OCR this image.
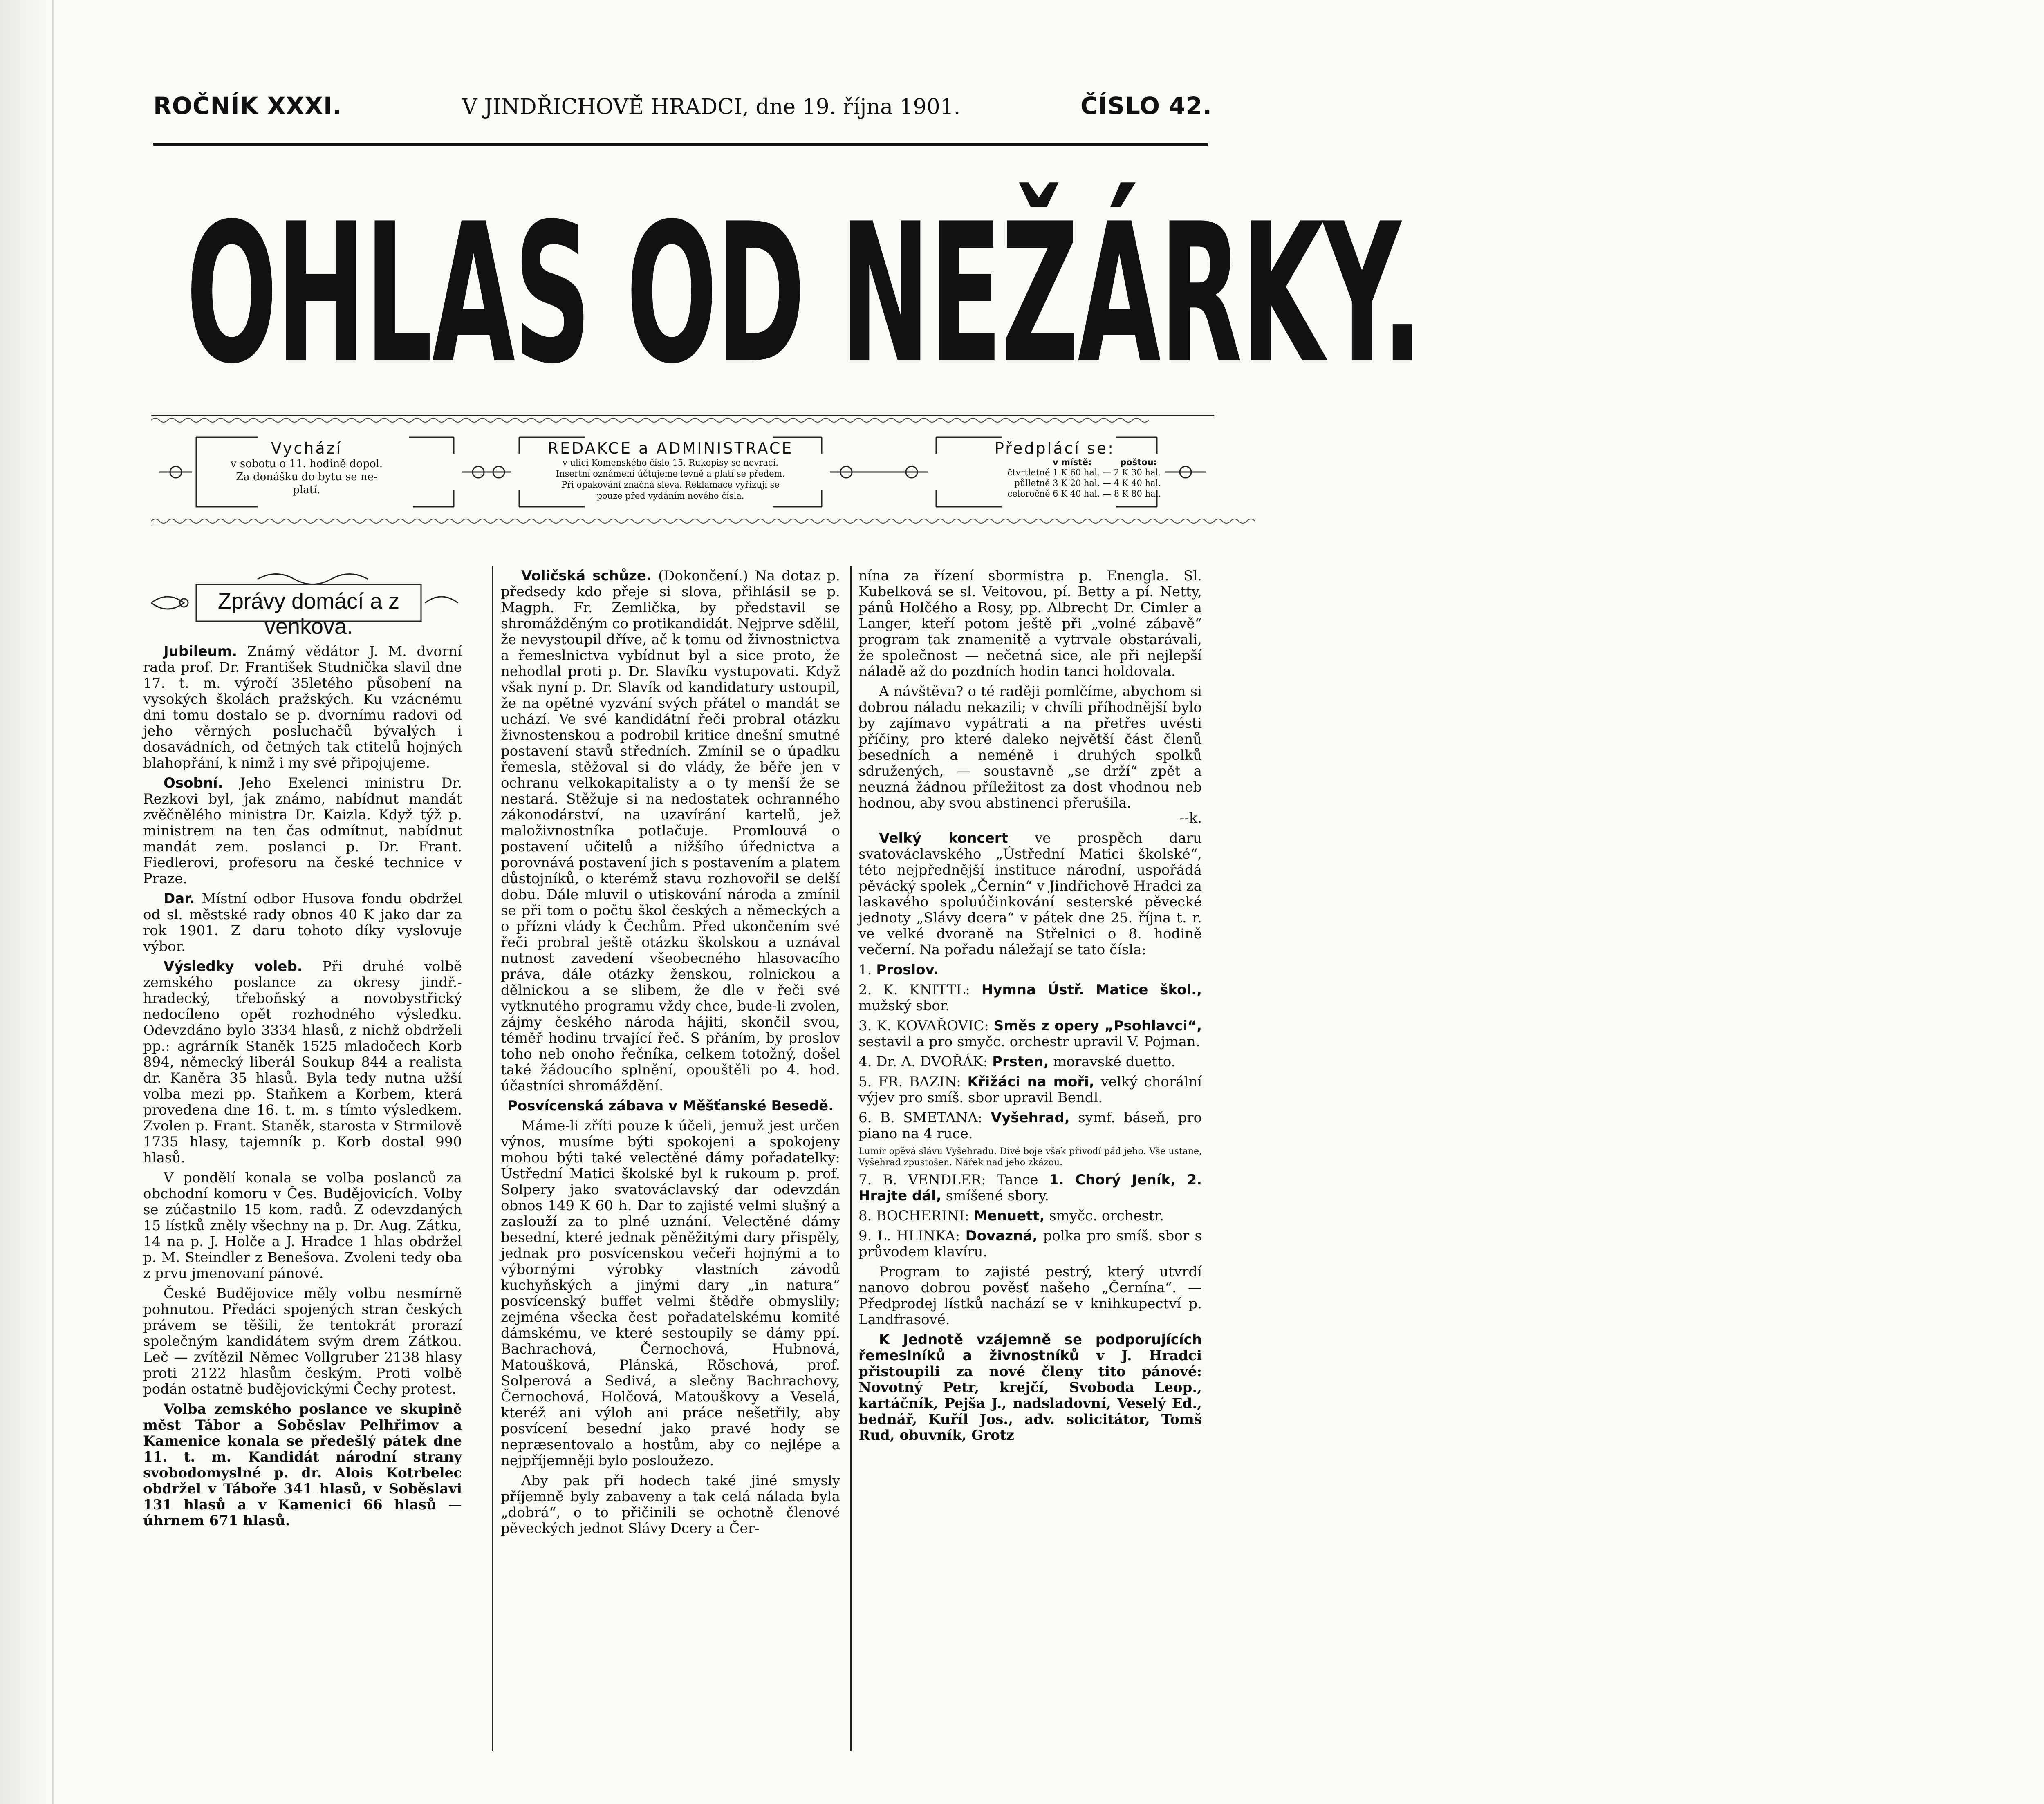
ROČNÍK XXXI.	V JINDŘICHOVĚ HRADCI, dne 19. října 1901.	ČÍSLO 42.
OHLAS OD NEŽÁRKY.
Vychází
v sobotu o 11. hodině dopol.
Za donášku do bytu se ne-
platí.
REDAKCE a ADMINISTRACE
v ulici Komenského číslo 15. Rukopisy se nevrací.
Insertní oznámení účtujeme levně a platí se předem.
Při opakování značná sleva. Reklamace vyřizují se
pouze před vydáním nového čísla.
Předplácí se:
v místě:	poštou:
čtvrtletně 1 K 60 hal. — 2 K 30 hal.
půlletně 3 K 20 hal. — 4 K 40 hal.
celoročně 6 K 40 hal. — 8 K 80 hal.
Zprávy domácí a z venkova.

Jubileum. Známý vědátor J. M. dvorní rada prof. Dr. František Studnička slavil dne 17. t. m. výročí 35letého působení na vysokých školách pražských. Ku vzácnému dni tomu dostalo se p. dvornímu radovi od jeho věrných posluchačů bývalých i dosavádních, od četných tak ctitelů hojných blahopřání, k nimž i my své připojujeme.

Osobní. Jeho Exelenci ministru Dr. Rezkovi byl, jak známo, nabídnut mandát zvěčnělého ministra Dr. Kaizla. Když týž p. ministrem na ten čas odmítnut, nabídnut mandát zem. poslanci p. Dr. Frant. Fiedlerovi, profesoru na české technice v Praze.

Dar. Místní odbor Husova fondu obdržel od sl. městské rady obnos 40 K jako dar za rok 1901. Z daru tohoto díky vyslovuje výbor.

Výsledky voleb. Při druhé volbě zemského poslance za okresy jindř.-hradecký, třeboňský a novobystřický nedocíleno opět rozhodného výsledku. Odevzdáno bylo 3334 hlasů, z nichž obdrželi pp.: agrárník Staněk 1525 mladočech Korb 894, německý liberál Soukup 844 a realista dr. Kaněra 35 hlasů. Byla tedy nutna užší volba mezi pp. Staňkem a Korbem, která provedena dne 16. t. m. s tímto výsledkem. Zvolen p. Frant. Staněk, starosta v Strmilově 1735 hlasy, tajemník p. Korb dostal 990 hlasů.

V pondělí konala se volba poslanců za obchodní komoru v Čes. Budějovicích. Volby se zúčastnilo 15 kom. radů. Z odevzdaných 15 lístků zněly všechny na p. Dr. Aug. Zátku, 14 na p. J. Holče a J. Hradce 1 hlas obdržel p. M. Steindler z Benešova. Zvoleni tedy oba z prvu jmenovaní pánové.

České Budějovice měly volbu nesmírně pohnutou. Předáci spojených stran českých právem se těšili, že tentokrát prorazí společným kandidátem svým drem Zátkou. Leč — zvítězil Němec Vollgruber 2138 hlasy proti 2122 hlasům českým. Proti volbě podán ostatně budějovickými Čechy protest.

Volba zemského poslance ve skupině měst Tábor a Soběslav Pelhřimov a Kamenice konala se předešlý pátek dne 11. t. m. Kandidát národní strany svobodomyslné p. dr. Alois Kotrbelec obdržel v Táboře 341 hlasů, v Soběslavi 131 hlasů a v Kamenici 66 hlasů — úhrnem 671 hlasů.

Voličská schůze. (Dokončení.) Na dotaz p. předsedy kdo přeje si slova, přihlásil se p. Magph. Fr. Zemlička, by představil se shromážděným co protikandidát. Nejprve sdělil, že nevystoupil dříve, ač k tomu od živnostnictva a řemeslnictva vybídnut byl a sice proto, že nehodlal proti p. Dr. Slavíku vystupovati. Když však nyní p. Dr. Slavík od kandidatury ustoupil, že na opětné vyzvání svých přátel o mandát se uchází. Ve své kandidátní řeči probral otázku živnostenskou a podrobil kritice dnešní smutné postavení stavů středních. Zmínil se o úpadku řemesla, stěžoval si do vlády, že běře jen v ochranu velkokapitalisty a o ty menší že se nestará. Stěžuje si na nedostatek ochranného zákonodárství, na uzavírání kartelů, jež maloživnostníka potlačuje. Promlouvá o postavení učitelů a nižšího úřednictva a porovnává postavení jich s postavením a platem důstojníků, o kterémž stavu rozhovořil se delší dobu. Dále mluvil o utiskování národa a zmínil se při tom o počtu škol českých a německých a o přízni vlády k Čechům. Před ukončením své řeči probral ještě otázku školskou a uznával nutnost zavedení všeobecného hlasovacího práva, dále otázky ženskou, rolnickou a dělnickou a se slibem, že dle v řeči své vytknutého programu vždy chce, bude-li zvolen, zájmy českého národa hájiti, skončil svou, téměř hodinu trvající řeč. S přáním, by proslov toho neb onoho řečníka, celkem totožný, došel také žádoucího splnění, opouštěli po 4. hod. účastníci shromáždění.

Posvícenská zábava v Měšťanské Besedě.

Máme-li zříti pouze k účeli, jemuž jest určen výnos, musíme býti spokojeni a spokojeny mohou býti také velectěné dámy pořadatelky: Ústřední Matici školské byl k rukoum p. prof. Solpery jako svatováclavský dar odevzdán obnos 149 K 60 h. Dar to zajisté velmi slušný a zaslouží za to plné uznání. Velectěné dámy besední, které jednak pěněžitými dary přispěly, jednak pro posvícenskou večeři hojnými a to výbornými výrobky vlastních závodů kuchyňských a jinými dary „in natura“ posvícenský buffet velmi štědře obmyslily; zejména všecka čest pořadatelskému komité dámskému, ve které sestoupily se dámy ppí. Bachrachová, Černochová, Hubnová, Matoušková, Plánská, Röschová, prof. Solperová a Sedivá, a slečny Bachrachovy, Černochová, Holčová, Matouškovy a Veselá, kteréž ani výloh ani práce nešetřily, aby posvícení besední jako pravé hody se nepræsentovalo a hostům, aby co nejlépe a nejpříjemněji bylo posloužezo.

Aby pak při hodech také jiné smysly příjemně byly zabaveny a tak celá nálada byla „dobrá“, o to přičinili se ochotně členové pěveckých jednot Slávy Dcery a Čer-

nína za řízení sbormistra p. Enengla. Sl. Kubelková se sl. Veitovou, pí. Betty a pí. Netty, pánů Holčého a Rosy, pp. Albrecht Dr. Cimler a Langer, kteří potom ještě při „volné zábavě“ program tak znamenitě a vytrvale obstarávali, že společnost — nečetná sice, ale při nejlepší náladě až do pozdních hodin tanci holdovala.

A návštěva? o té raději pomlčíme, abychom si dobrou náladu nekazili; v chvíli příhodnější bylo by zajímavo vypátrati a na přetřes uvésti příčiny, pro které daleko největší část členů besedních a neméně i druhých spolků sdružených, — soustavně „se drží“ zpět a neuzná žádnou příležitost za dost vhodnou neb hodnou, aby svou abstinenci přerušila.

--k.

Velký koncert ve prospěch daru svatováclavského „Ústřední Matici školské“, této nejpřednější instituce národní, uspořádá pěvácký spolek „Černín“ v Jindřichově Hradci za laskavého spoluúčinkování sesterské pěvecké jednoty „Slávy dcera“ v pátek dne 25. října t. r. ve velké dvoraně na Střelnici o 8. hodině večerní. Na pořadu náležají se tato čísla:

1. Proslov.

2. K. KNITTL: Hymna Ústř. Matice škol., mužský sbor.

3. K. KOVAŘOVIC: Směs z opery „Psohlavci“, sestavil a pro smyčc. orchestr upravil V. Pojman.

4. Dr. A. DVOŘÁK: Prsten, moravské duetto.

5. FR. BAZIN: Křižáci na moři, velký chorální výjev pro smíš. sbor upravil Bendl.

6. B. SMETANA: Vyšehrad, symf. báseň, pro piano na 4 ruce.

Lumír opěvá slávu Vyšehradu. Divé boje však přivodí pád jeho. Vše ustane, Vyšehrad zpustošen. Nářek nad jeho zkázou.

7. B. VENDLER: Tance 1. Chorý Jeník, 2. Hrajte dál, smíšené sbory.

8. BOCHERINI: Menuett, smyčc. orchestr.

9. L. HLINKA: Dovazná, polka pro smíš. sbor s průvodem klavíru.

Program to zajisté pestrý, který utvrdí nanovo dobrou pověsť našeho „Černína“. — Předprodej lístků nachází se v knihkupectví p. Landfrasové.

K Jednotě vzájemně se podporujících řemeslníků a živnostníků v J. Hradci přistoupili za nové členy tito pánové: Novotný Petr, krejčí, Svoboda Leop., kartáčník, Pejša J., nadsladovní, Veselý Ed., bednář, Kuříl Jos., adv. solicitátor, Tomš Rud, obuvník, Grotz
